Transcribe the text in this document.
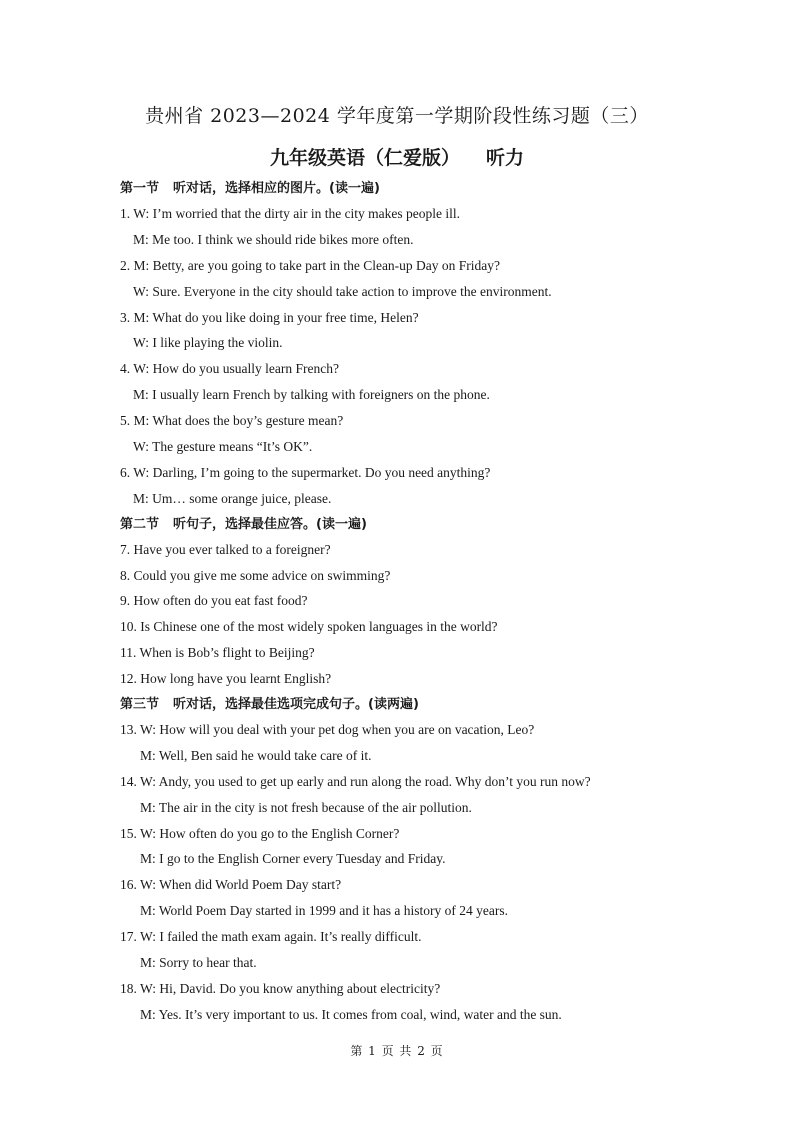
贵州省 2023—2024 学年度第一学期阶段性练习题（三）
九年级英语（仁爱版） 听力
第一节 听对话，选择相应的图片。(读一遍)
1. W: I’m worried that the dirty air in the city makes people ill.
M: Me too. I think we should ride bikes more often.
2. M: Betty, are you going to take part in the Clean-up Day on Friday?
W: Sure. Everyone in the city should take action to improve the environment.
3. M: What do you like doing in your free time, Helen?
W: I like playing the violin.
4. W: How do you usually learn French?
M: I usually learn French by talking with foreigners on the phone.
5. M: What does the boy’s gesture mean?
W: The gesture means “It’s OK”.
6. W: Darling, I’m going to the supermarket. Do you need anything?
M: Um… some orange juice, please.
第二节 听句子，选择最佳应答。(读一遍)
7. Have you ever talked to a foreigner?
8. Could you give me some advice on swimming?
9. How often do you eat fast food?
10. Is Chinese one of the most widely spoken languages in the world?
11. When is Bob’s flight to Beijing?
12. How long have you learnt English?
第三节 听对话，选择最佳选项完成句子。(读两遍)
13. W: How will you deal with your pet dog when you are on vacation, Leo?
M: Well, Ben said he would take care of it.
14. W: Andy, you used to get up early and run along the road. Why don’t you run now?
M: The air in the city is not fresh because of the air pollution.
15. W: How often do you go to the English Corner?
M: I go to the English Corner every Tuesday and Friday.
16. W: When did World Poem Day start?
M: World Poem Day started in 1999 and it has a history of 24 years.
17. W: I failed the math exam again. It’s really difficult.
M: Sorry to hear that.
18. W: Hi, David. Do you know anything about electricity?
M: Yes. It’s very important to us. It comes from coal, wind, water and the sun.
第 1 页 共 2 页
